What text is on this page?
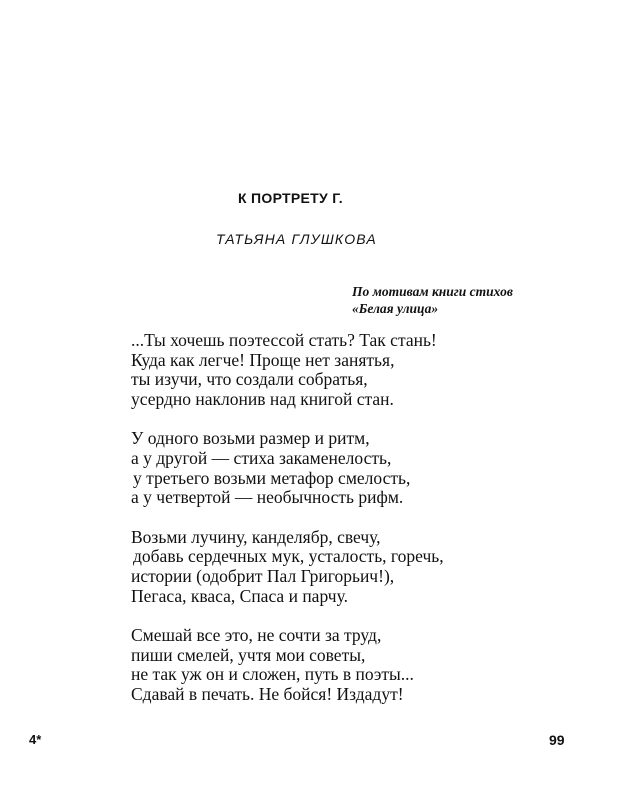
К ПОРТРЕТУ Г.
ТАТЬЯНА ГЛУШКОВА
По мотивам книги стихов
«Белая улица»
...Ты хочешь поэтессой стать? Так стань!
Куда как легче! Проще нет занятья,
ты изучи, что создали собратья,
усердно наклонив над книгой стан.
У одного возьми размер и ритм,
а у другой — стиха закаменелость,
у третьего возьми метафор смелость,
а у четвертой — необычность рифм.
Возьми лучину, канделябр, свечу,
добавь сердечных мук, усталость, горечь,
истории (одобрит Пал Григорьич!),
Пегаса, кваса, Спаса и парчу.
Смешай все это, не сочти за труд,
пиши смелей, учтя мои советы,
не так уж он и сложен, путь в поэты...
Сдавай в печать. Не бойся! Издадут!
4*	99
